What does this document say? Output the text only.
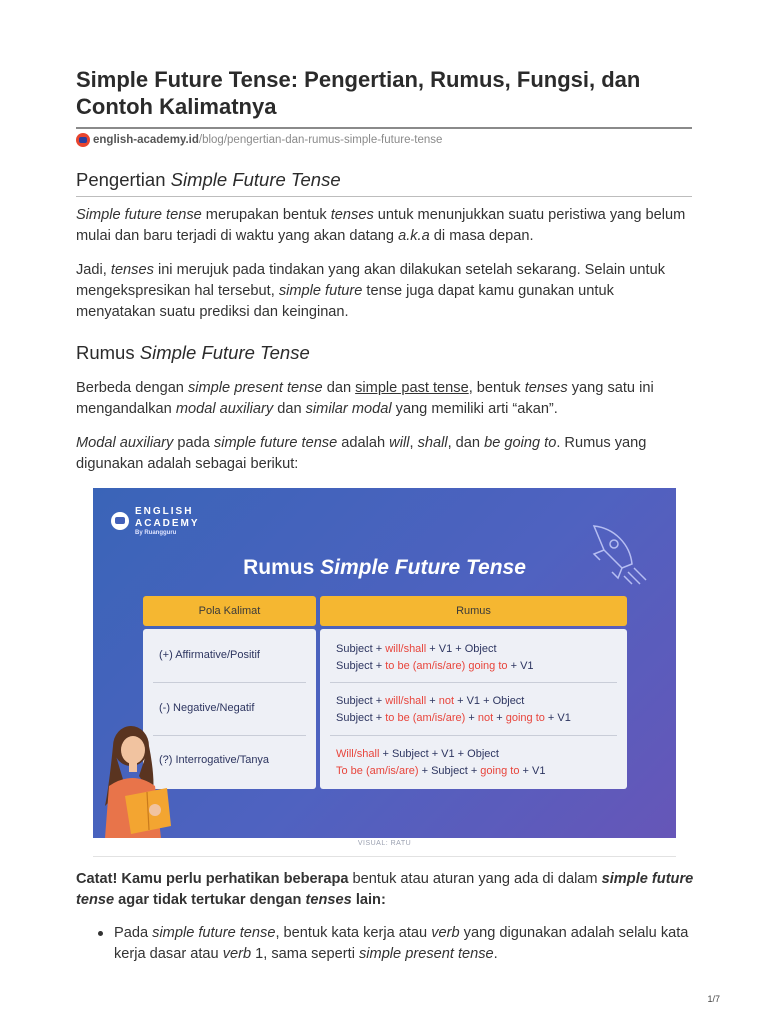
Simple Future Tense: Pengertian, Rumus, Fungsi, dan Contoh Kalimatnya
english-academy.id /blog/pengertian-dan-rumus-simple-future-tense
Pengertian Simple Future Tense

Simple future tense merupakan bentuk tenses untuk menunjukkan suatu peristiwa yang belum mulai dan baru terjadi di waktu yang akan datang a.k.a di masa depan.

Jadi, tenses ini merujuk pada tindakan yang akan dilakukan setelah sekarang. Selain untuk mengekspresikan hal tersebut, simple future tense juga dapat kamu gunakan untuk menyatakan suatu prediksi dan keinginan.

Rumus Simple Future Tense

Berbeda dengan simple present tense dan simple past tense, bentuk tenses yang satu ini mengandalkan modal auxiliary dan similar modal yang memiliki arti “akan”.

Modal auxiliary pada simple future tense adalah will, shall, dan be going to. Rumus yang digunakan adalah sebagai berikut:

ENGLISH
ACADEMY
By Ruangguru
Rumus Simple Future Tense
Pola Kalimat	Rumus
(+) Affirmative/Positif
(-) Negative/Negatif
(?) Interrogative/Tanya
Subject + will/shall + V1 + Object
Subject + to be (am/is/are) going to + V1
Subject + will/shall + not + V1 + Object
Subject + to be (am/is/are) + not + going to + V1
Will/shall + Subject + V1 + Object
To be (am/is/are) + Subject + going to + V1
VISUAL: RATU

Catat! Kamu perlu perhatikan beberapa bentuk atau aturan yang ada di dalam simple future tense agar tidak tertukar dengan tenses lain:

Pada simple future tense, bentuk kata kerja atau verb yang digunakan adalah selalu kata kerja dasar atau verb 1, sama seperti simple present tense.
1/7
